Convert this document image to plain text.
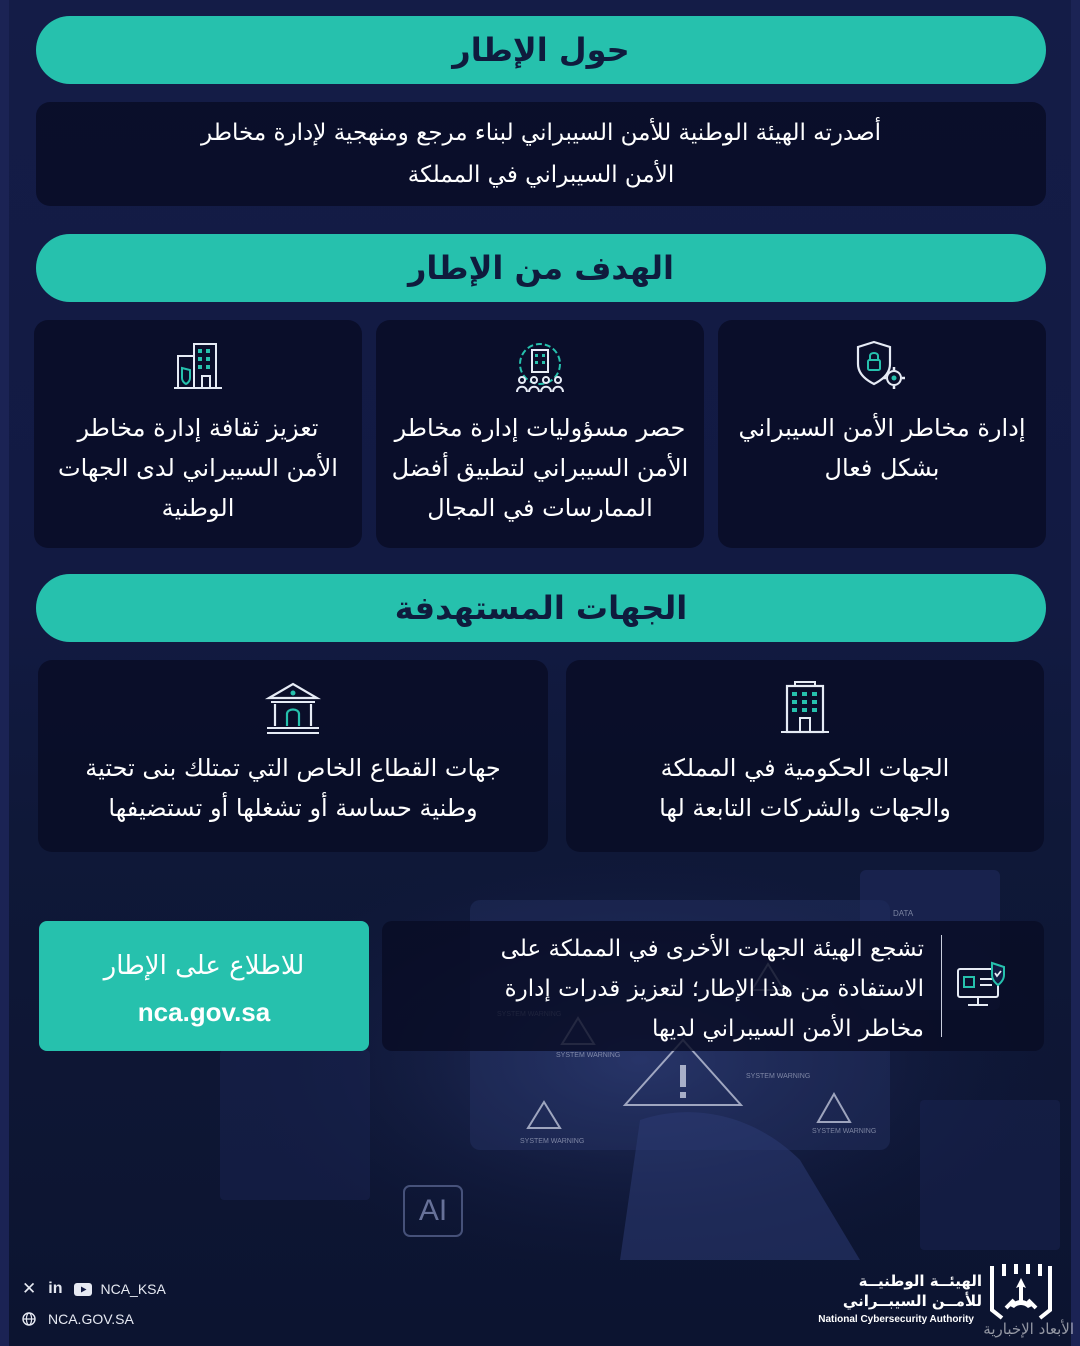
SYSTEM WARNING
SYSTEM WARNING
SYSTEM WARNING
SYSTEM WARNING
DATA
AI
حول الإطار
أصدرته الهيئة الوطنية للأمن السيبراني لبناء مرجع ومنهجية لإدارة مخاطر
الأمن السيبراني في المملكة
الهدف من الإطار
إدارة مخاطر الأمن السيبراني
بشكل فعال
حصر مسؤوليات إدارة مخاطر
الأمن السيبراني لتطبيق أفضل
الممارسات في المجال
تعزيز ثقافة إدارة مخاطر
الأمن السيبراني لدى الجهات
الوطنية
الجهات المستهدفة
الجهات الحكومية في المملكة
والجهات والشركات التابعة لها
جهات القطاع الخاص التي تمتلك بنى تحتية
وطنية حساسة أو تشغلها أو تستضيفها
للاطلاع على الإطار
nca.gov.sa
تشجع الهيئة الجهات الأخرى في المملكة على
الاستفادة من هذا الإطار؛ لتعزيز قدرات إدارة
مخاطر الأمن السيبراني لديها
✕ in	NCA_KSA
NCA.GOV.SA
الهيئــة الوطنيــة
للأمــن السيبــراني
National Cybersecurity Authority
الأبعاد الإخبارية
